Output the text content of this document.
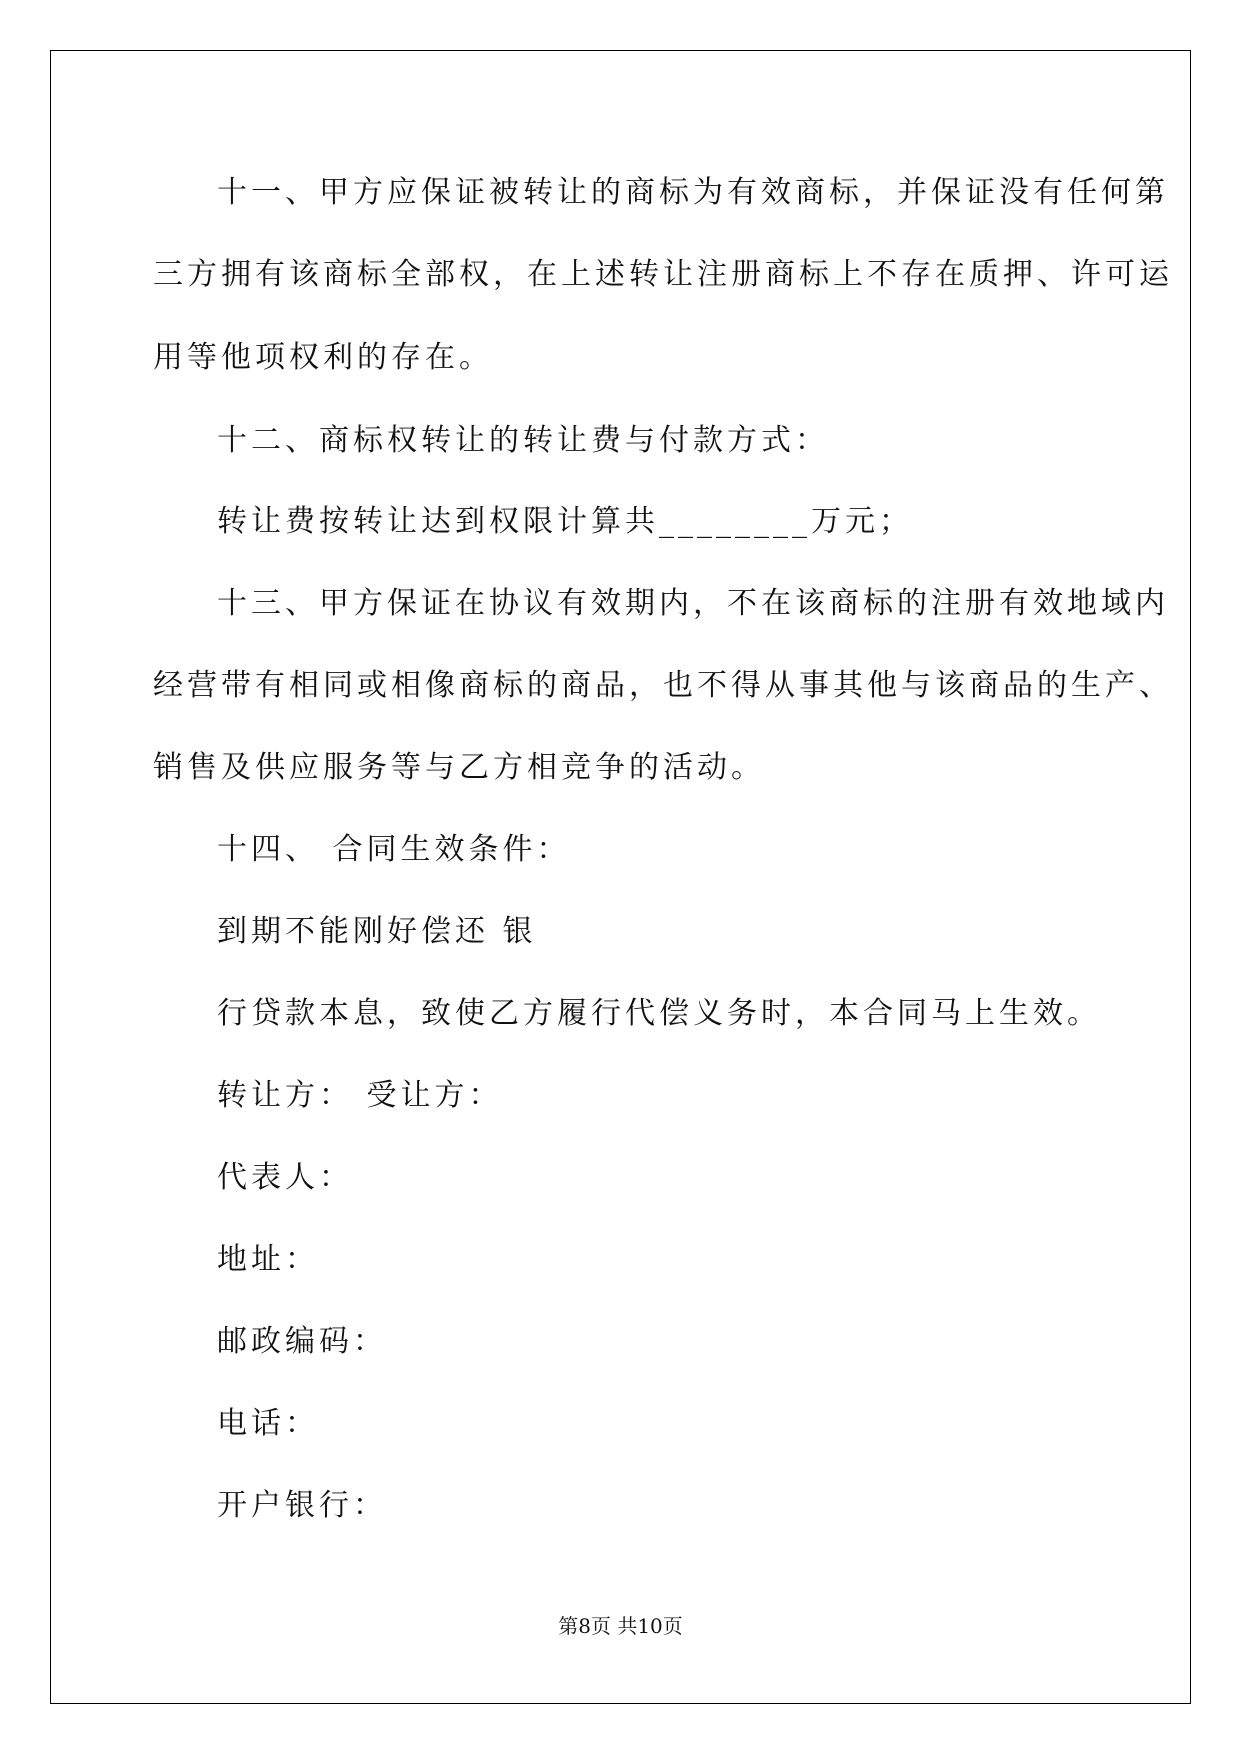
十一、甲方应保证被转让的商标为有效商标，并保证没有任何第

三方拥有该商标全部权，在上述转让注册商标上不存在质押、许可运

用等他项权利的存在。

十二、商标权转让的转让费与付款方式：

转让费按转让达到权限计算共________万元；

十三、甲方保证在协议有效期内，不在该商标的注册有效地域内

经营带有相同或相像商标的商品，也不得从事其他与该商品的生产、

销售及供应服务等与乙方相竞争的活动。

十四、 合同生效条件：

到期不能刚好偿还 银

行贷款本息，致使乙方履行代偿义务时，本合同马上生效。

转让方： 受让方：

代表人：

地址：

邮政编码：

电话：

开户银行：

第8页 共10页
